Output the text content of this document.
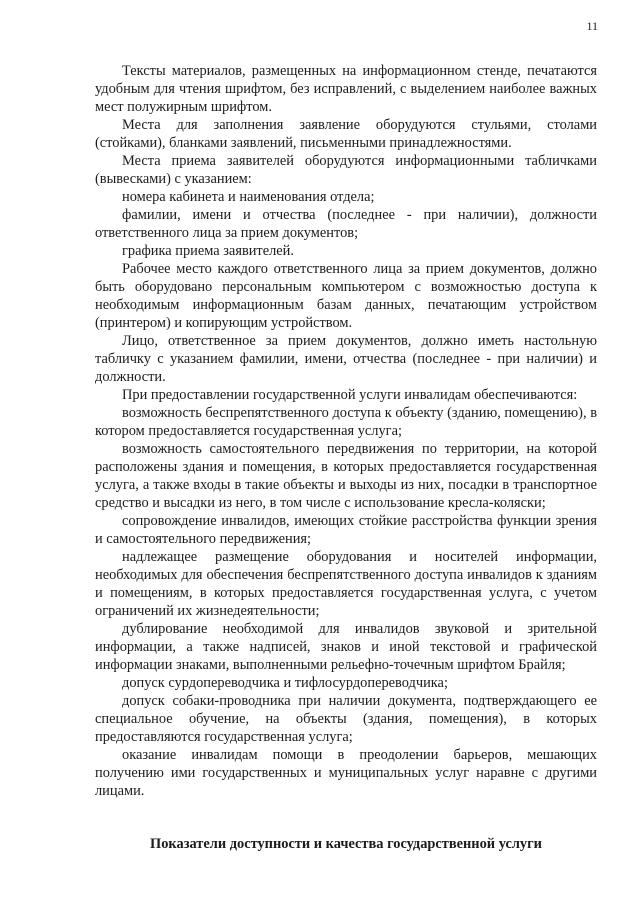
11

Тексты материалов, размещенных на информационном стенде, печатаются удобным для чтения шрифтом, без исправлений, с выделением наиболее важных мест полужирным шрифтом.

Места для заполнения заявление оборудуются стульями, столами (стойками), бланками заявлений, письменными принадлежностями.

Места приема заявителей оборудуются информационными табличками (вывесками) с указанием:

номера кабинета и наименования отдела;

фамилии, имени и отчества (последнее - при наличии), должности ответственного лица за прием документов;

графика приема заявителей.

Рабочее место каждого ответственного лица за прием документов, должно быть оборудовано персональным компьютером с возможностью доступа к необходимым информационным базам данных, печатающим устройством (принтером) и копирующим устройством.

Лицо, ответственное за прием документов, должно иметь настольную табличку с указанием фамилии, имени, отчества (последнее - при наличии) и должности.

При предоставлении государственной услуги инвалидам обеспечиваются:

возможность беспрепятственного доступа к объекту (зданию, помещению), в котором предоставляется государственная услуга;

возможность самостоятельного передвижения по территории, на которой расположены здания и помещения, в которых предоставляется государственная услуга, а также входы в такие объекты и выходы из них, посадки в транспортное средство и высадки из него, в том числе с использование кресла-коляски;

сопровождение инвалидов, имеющих стойкие расстройства функции зрения и самостоятельного передвижения;

надлежащее размещение оборудования и носителей информации, необходимых для обеспечения беспрепятственного доступа инвалидов к зданиям и помещениям, в которых предоставляется государственная услуга, с учетом ограничений их жизнедеятельности;

дублирование необходимой для инвалидов звуковой и зрительной информации, а также надписей, знаков и иной текстовой и графической информации знаками, выполненными рельефно-точечным шрифтом Брайля;

допуск сурдопереводчика и тифлосурдопереводчика;

допуск собаки-проводника при наличии документа, подтверждающего ее специальное обучение, на объекты (здания, помещения), в которых предоставляются государственная услуга;

оказание инвалидам помощи в преодолении барьеров, мешающих получению ими государственных и муниципальных услуг наравне с другими лицами.

Показатели доступности и качества государственной услуги
